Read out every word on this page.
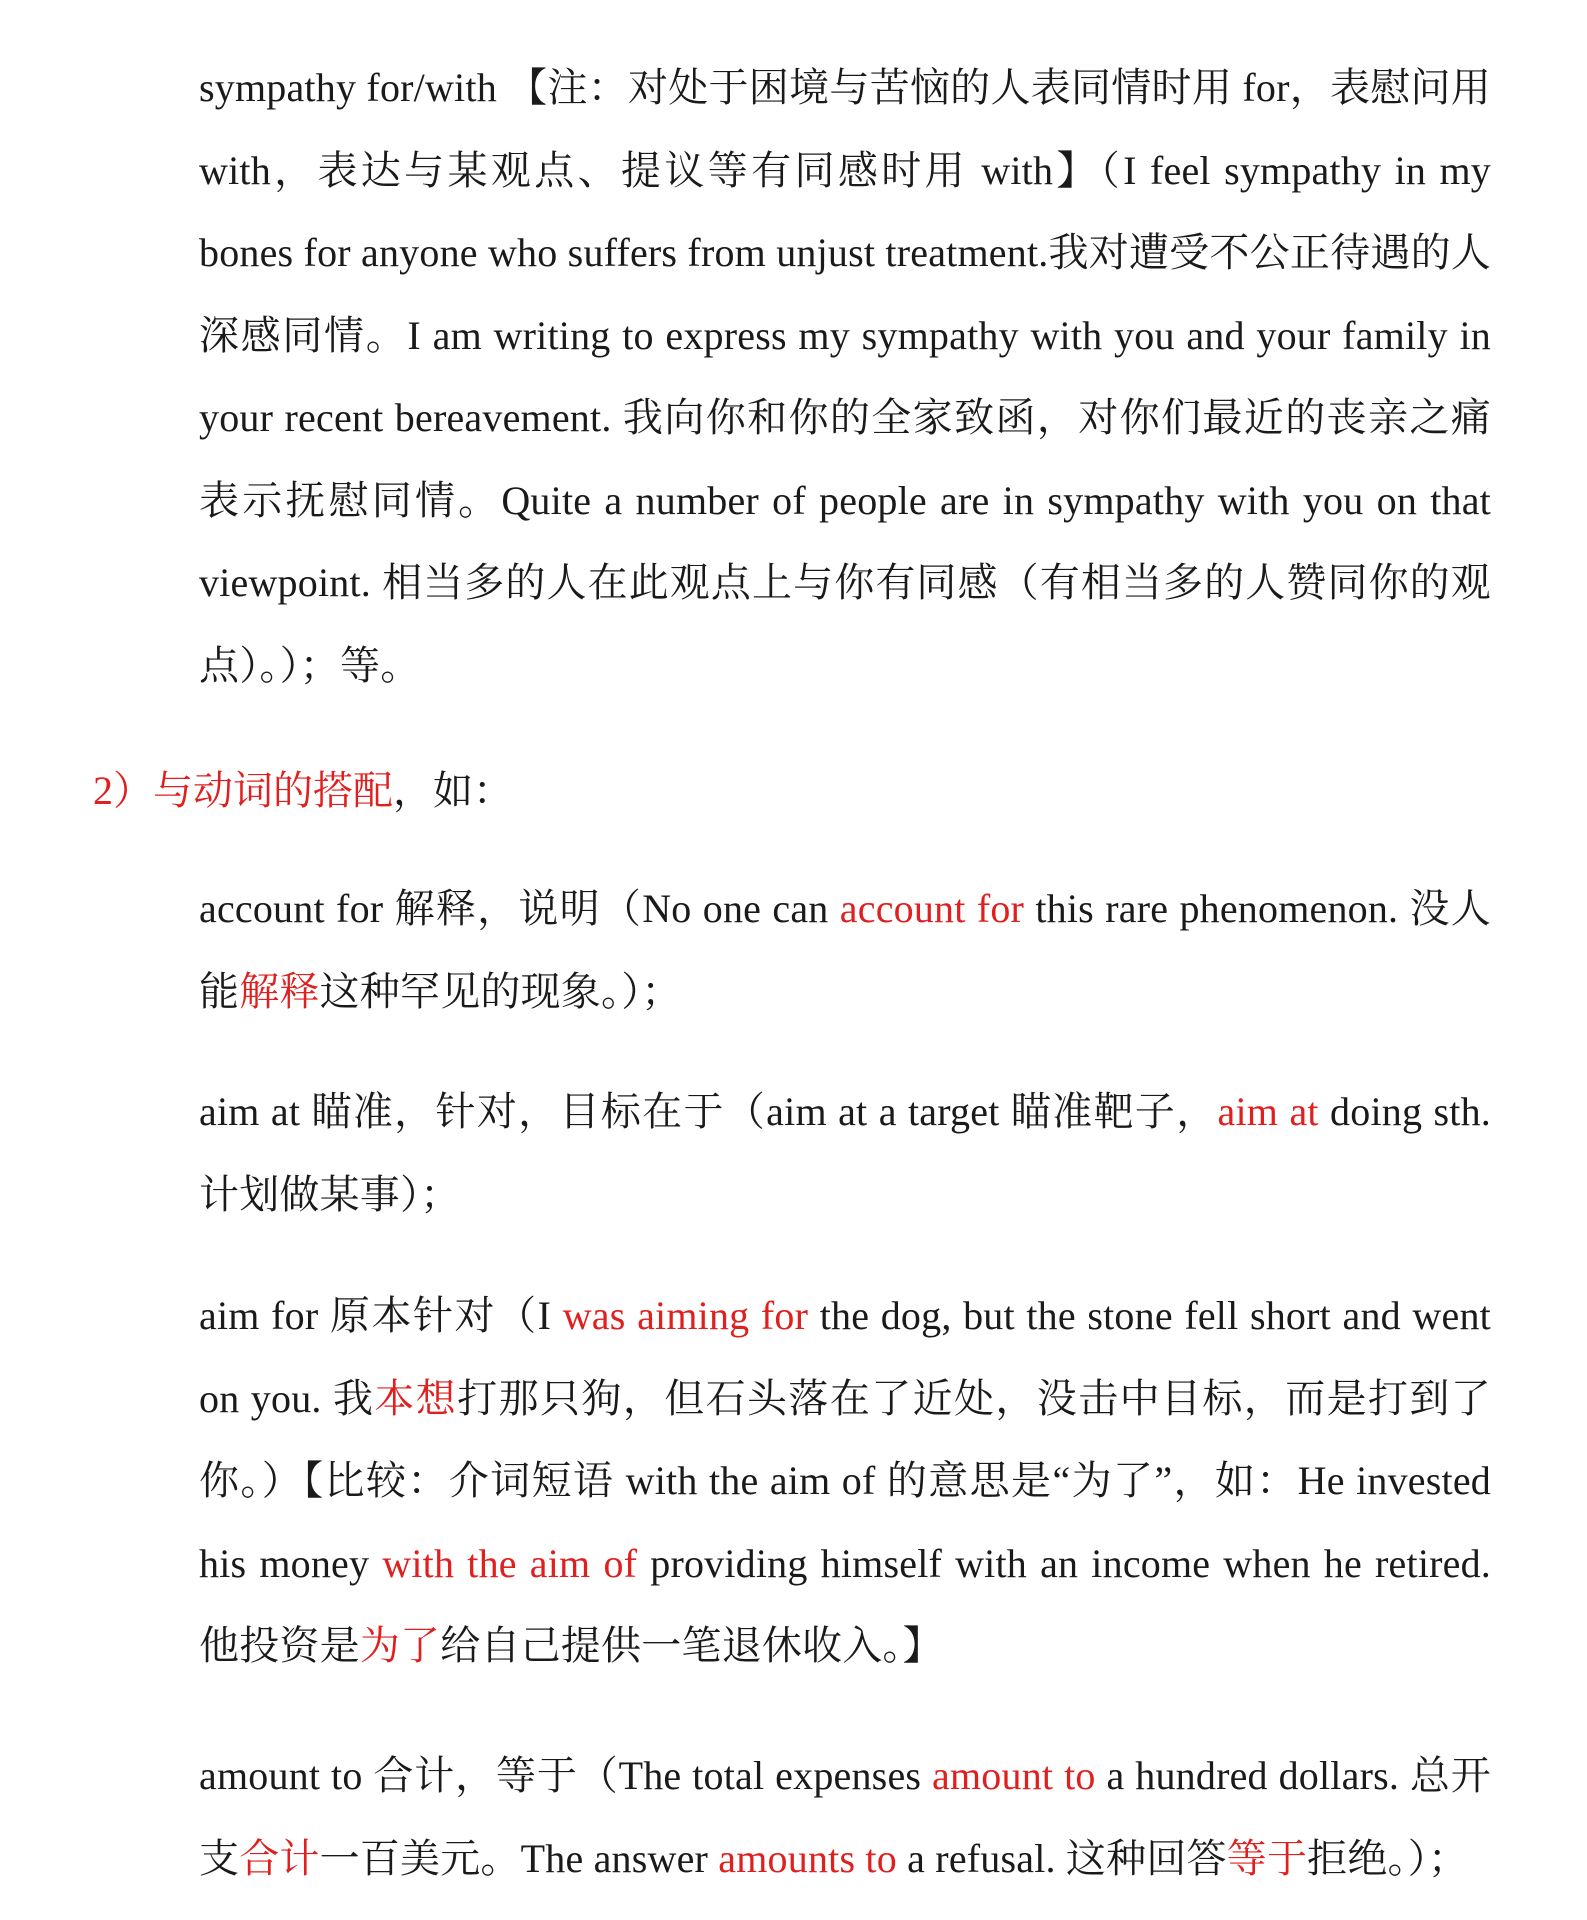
sympathy for/with 【注：对处于困境与苦恼的人表同情时用 for，表慰问用 with，表达与某观点、提议等有同感时用 with】（I feel sympathy in my bones for anyone who suffers from unjust treatment.我对遭受不公正待遇的人深感同情。I am writing to express my sympathy with you and your family in your recent bereavement. 我向你和你的全家致函，对你们最近的丧亲之痛表示抚慰同情。Quite a number of people are in sympathy with you on that viewpoint. 相当多的人在此观点上与你有同感（有相当多的人赞同你的观点）。）；等。

2）与动词的搭配，如：

account for 解释，说明（No one can account for this rare phenomenon. 没人能解释这种罕见的现象。）；

aim at 瞄准，针对，目标在于（aim at a target 瞄准靶子，aim at doing sth. 计划做某事）；

aim for 原本针对（I was aiming for the dog, but the stone fell short and went on you. 我本想打那只狗，但石头落在了近处，没击中目标，而是打到了你。）【比较：介词短语 with the aim of 的意思是“为了”，如：He invested his money with the aim of providing himself with an income when he retired. 他投资是为了给自己提供一笔退休收入。】

amount to 合计，等于（The total expenses amount to a hundred dollars. 总开支合计一百美元。The answer amounts to a refusal. 这种回答等于拒绝。）；
